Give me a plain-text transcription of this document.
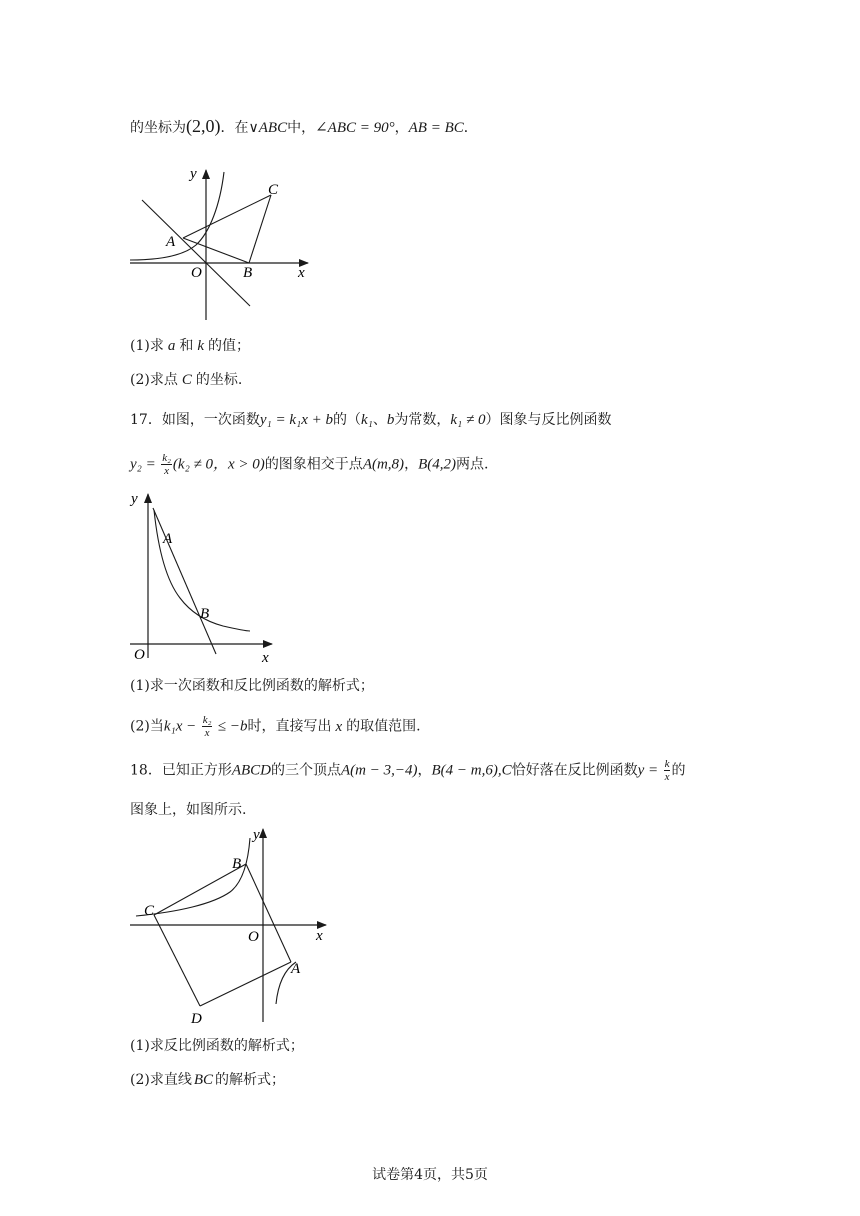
的坐标为(2,0)．在∨ABC中，∠ABC = 90°，AB = BC．
y
x
O
A
B
C
(1)求 a 和 k 的值；
(2)求点 C 的坐标.
17．如图，一次函数y₁ = k₁x + b的（k₁、b为常数，k₁ ≠ 0）图象与反比例函数
$y_2 = \frac{\text{k₂}}{x} (k_2 \ne 0$，x > 0)的图象相交于点A(m,8)，B(4,2)两点.
y
x
O
A
B
(1)求一次函数和反比例函数的解析式；
(2)当$k_1x - \frac{\text{k₂}}{x} \le -b$时，直接写出 x 的取值范围.
18．已知正方形ABCD的三个顶点A(m − 3,−4)，B(4 − m,6),C恰好落在反比例函数$y = \frac{k}{x}$ 的
图象上，如图所示.
y
x
O
A
B
C
D
(1)求反比例函数的解析式；
(2)求直线 BC 的解析式；
试卷第4页，共5页
